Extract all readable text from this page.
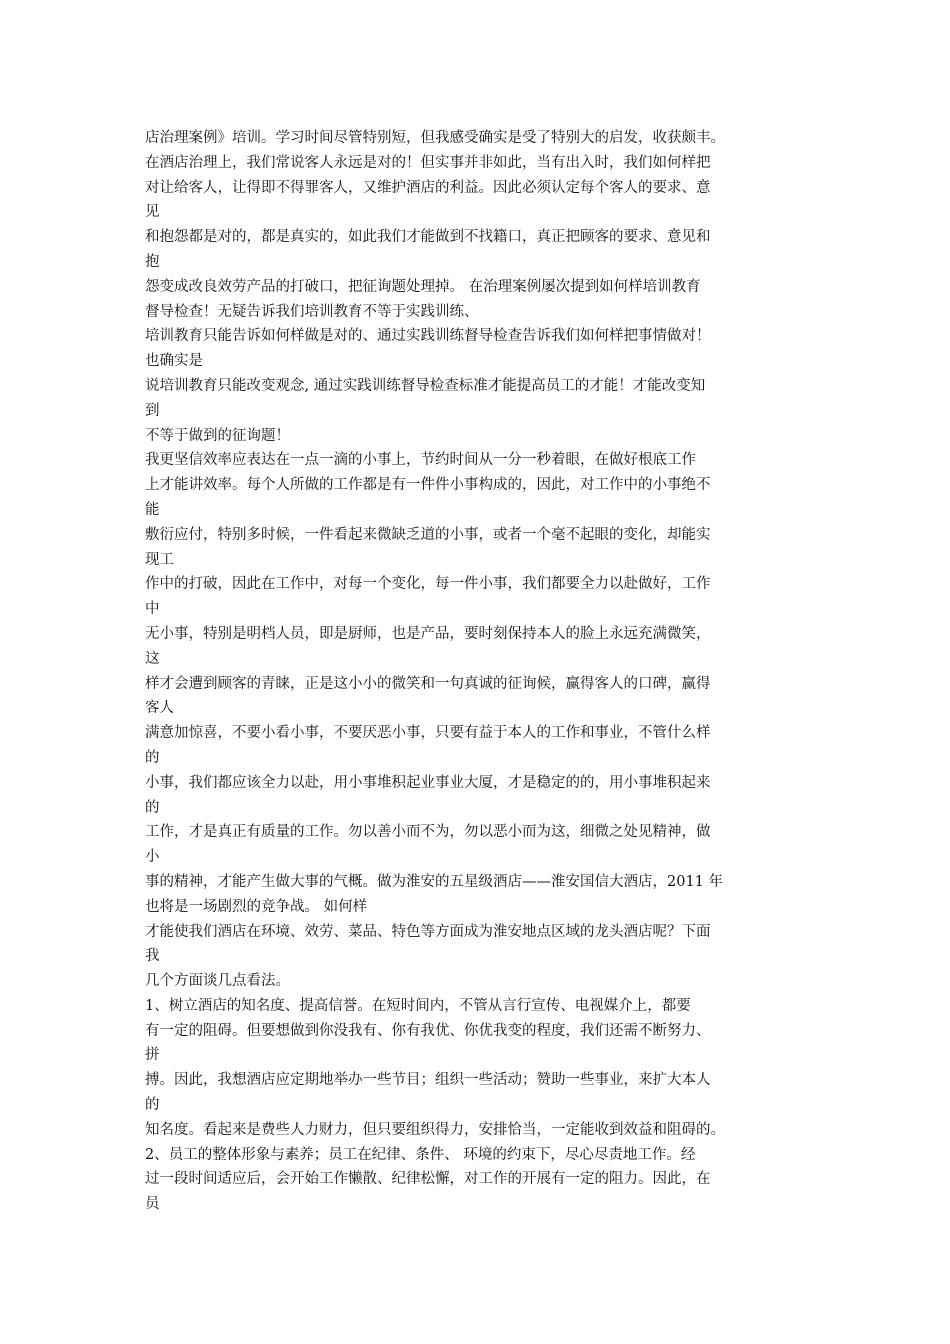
店治理案例》培训。学习时间尽管特别短，但我感受确实是受了特别大的启发，收获颇丰。
在酒店治理上，我们常说客人永远是对的！但实事并非如此，当有出入时，我们如何样把
对让给客人，让得即不得罪客人，又维护酒店的利益。因此必须认定每个客人的要求、意
见
和抱怨都是对的，都是真实的，如此我们才能做到不找籍口，真正把顾客的要求、意见和
抱
怨变成改良效劳产品的打破口，把征询题处理掉。 在治理案例屡次提到如何样培训教育
督导检查！无疑告诉我们培训教育不等于实践训练、
培训教育只能告诉如何样做是对的、通过实践训练督导检查告诉我们如何样把事情做对！
也确实是
说培训教育只能改变观念, 通过实践训练督导检查标准才能提高员工的才能！才能改变知
到
不等于做到的征询题！
我更坚信效率应表达在一点一滴的小事上，节约时间从一分一秒着眼，在做好根底工作
上才能讲效率。每个人所做的工作都是有一件件小事构成的，因此，对工作中的小事绝不
能
敷衍应付，特别多时候，一件看起来微缺乏道的小事，或者一个毫不起眼的变化，却能实
现工
作中的打破，因此在工作中，对每一个变化，每一件小事，我们都要全力以赴做好，工作
中
无小事，特别是明档人员，即是厨师，也是产品，要时刻保持本人的脸上永远充满微笑，
这
样才会遭到顾客的青睐，正是这小小的微笑和一句真诚的征询候，赢得客人的口碑，赢得
客人
满意加惊喜，不要小看小事，不要厌恶小事，只要有益于本人的工作和事业，不管什么样
的
小事，我们都应该全力以赴，用小事堆积起业事业大厦，才是稳定的的，用小事堆积起来
的
工作，才是真正有质量的工作。勿以善小而不为，勿以恶小而为这，细微之处见精神，做
小
事的精神，才能产生做大事的气概。做为淮安的五星级酒店——淮安国信大酒店，2011 年
也将是一场剧烈的竞争战。 如何样
才能使我们酒店在环境、效劳、菜品、特色等方面成为淮安地点区域的龙头酒店呢？下面
我
几个方面谈几点看法。
1、树立酒店的知名度、提高信誉。在短时间内，不管从言行宣传、电视媒介上，都要
有一定的阻碍。但要想做到你没我有、你有我优、你优我变的程度，我们还需不断努力、
拼
搏。因此，我想酒店应定期地举办一些节目；组织一些活动；赞助一些事业，来扩大本人
的
知名度。看起来是费些人力财力，但只要组织得力，安排恰当，一定能收到效益和阻碍的。
2、员工的整体形象与素养；员工在纪律、条件、 环境的约束下，尽心尽责地工作。经
过一段时间适应后，会开始工作懒散、纪律松懈，对工作的开展有一定的阻力。因此，在
员
